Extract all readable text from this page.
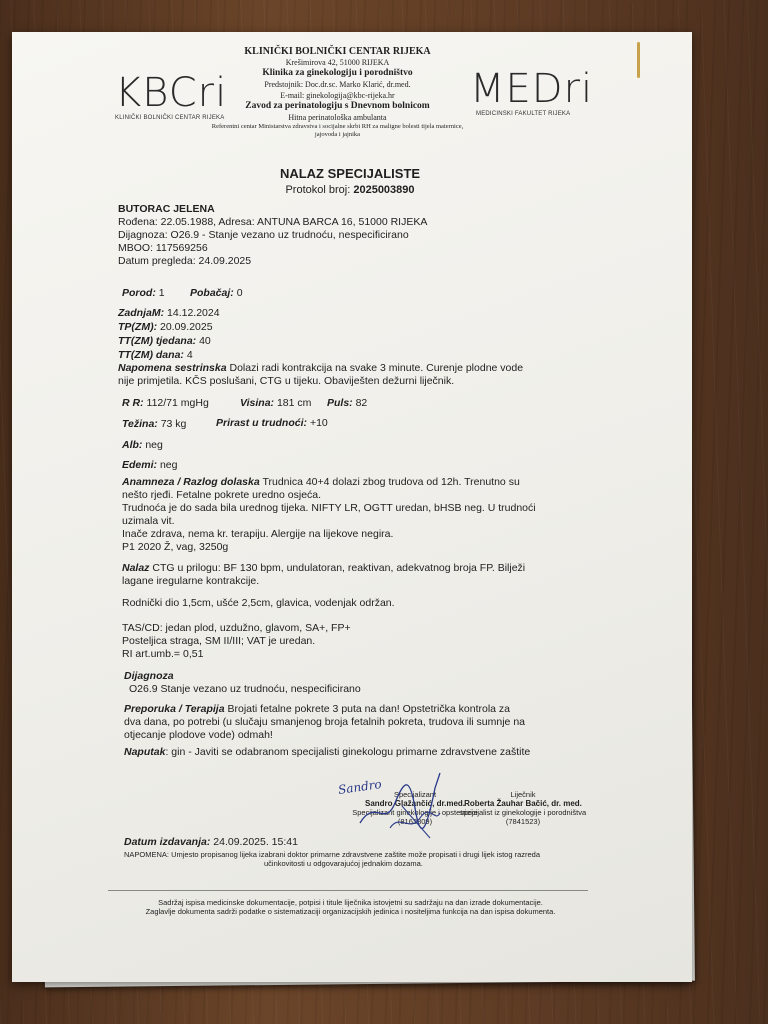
KBCri
KLINIČKI BOLNIČKI CENTAR RIJEKA
MEDri
MEDICINSKI FAKULTET RIJEKA
KLINIČKI BOLNIČKI CENTAR RIJEKA
Krešimirova 42, 51000 RIJEKA
Klinika za ginekologiju i porodništvo
Predstojnik: Doc.dr.sc. Marko Klarić, dr.med.
E-mail: ginekologija@kbc-rijeka.hr
Zavod za perinatologiju s Dnevnom bolnicom
Hitna perinatološka ambulanta
Referentni centar Ministarstva zdravstva i socijalne skrbi RH za maligne bolesti tijela maternice, jajovoda i jajnika
NALAZ SPECIJALISTE
Protokol broj: 2025003890
BUTORAC JELENA
Rođena: 22.05.1988, Adresa: ANTUNA BARCA 16, 51000 RIJEKA
Dijagnoza: O26.9 - Stanje vezano uz trudnoću, nespecificirano
MBOO: 117569256
Datum pregleda: 24.09.2025
Porod: 1 Pobačaj: 0
ZadnjaM: 14.12.2024
TP(ZM): 20.09.2025
TT(ZM) tjedana: 40
TT(ZM) dana: 4
Napomena sestrinska Dolazi radi kontrakcija na svake 3 minute. Curenje plodne vode
nije primjetila. KČS poslušani, CTG u tijeku. Obaviješten dežurni liječnik.
R R: 112/71 mgHg	Visina: 181 cm Puls: 82
Težina: 73 kg	Prirast u trudnoći: +10
Alb: neg
Edemi: neg
Anamneza / Razlog dolaska Trudnica 40+4 dolazi zbog trudova od 12h. Trenutno su
nešto rjeđi. Fetalne pokrete uredno osjeća.
Trudnoća je do sada bila urednog tijeka. NIFTY LR, OGTT uredan, bHSB neg. U trudnoći
uzimala vit.
Inače zdrava, nema kr. terapiju. Alergije na lijekove negira.
P1 2020 Ž, vag, 3250g
Nalaz CTG u prilogu: BF 130 bpm, undulatoran, reaktivan, adekvatnog broja FP. Bilježi
lagane iregularne kontrakcije.
Rodnički dio 1,5cm, ušće 2,5cm, glavica, vodenjak održan.
TAS/CD: jedan plod, uzdužno, glavom, SA+, FP+
Posteljica straga, SM II/III; VAT je uredan.
RI art.umb.= 0,51
Dijagnoza
O26.9 Stanje vezano uz trudnoću, nespecificirano
Preporuka / Terapija Brojati fetalne pokrete 3 puta na dan! Opstetrička kontrola za
dva dana, po potrebi (u slučaju smanjenog broja fetalnih pokreta, trudova ili sumnje na
otjecanje plodove vode) odmah!
Naputak: gin - Javiti se odabranom specijalisti ginekologu primarne zdravstvene zaštite
Specijalizant
Sandro Glažančić, dr.med.
Specijalizant ginekologije i opstetricije
(8163809)
Liječnik
Roberta Žauhar Bačić, dr. med.
specijalist iz ginekologije i porodništva
(7841523)
Sandro
Datum izdavanja: 24.09.2025. 15:41
NAPOMENA: Umjesto propisanog lijeka izabrani doktor primarne zdravstvene zaštite može propisati i drugi lijek istog razreda
učinkovitosti u odgovarajućoj jednakim dozama.
Sadržaj ispisa medicinske dokumentacije, potpisi i titule liječnika istovjetni su sadržaju na dan izrade dokumentacije.
Zaglavlje dokumenta sadrži podatke o sistematizaciji organizacijskih jedinica i nositeljima funkcija na dan ispisa dokumenta.
